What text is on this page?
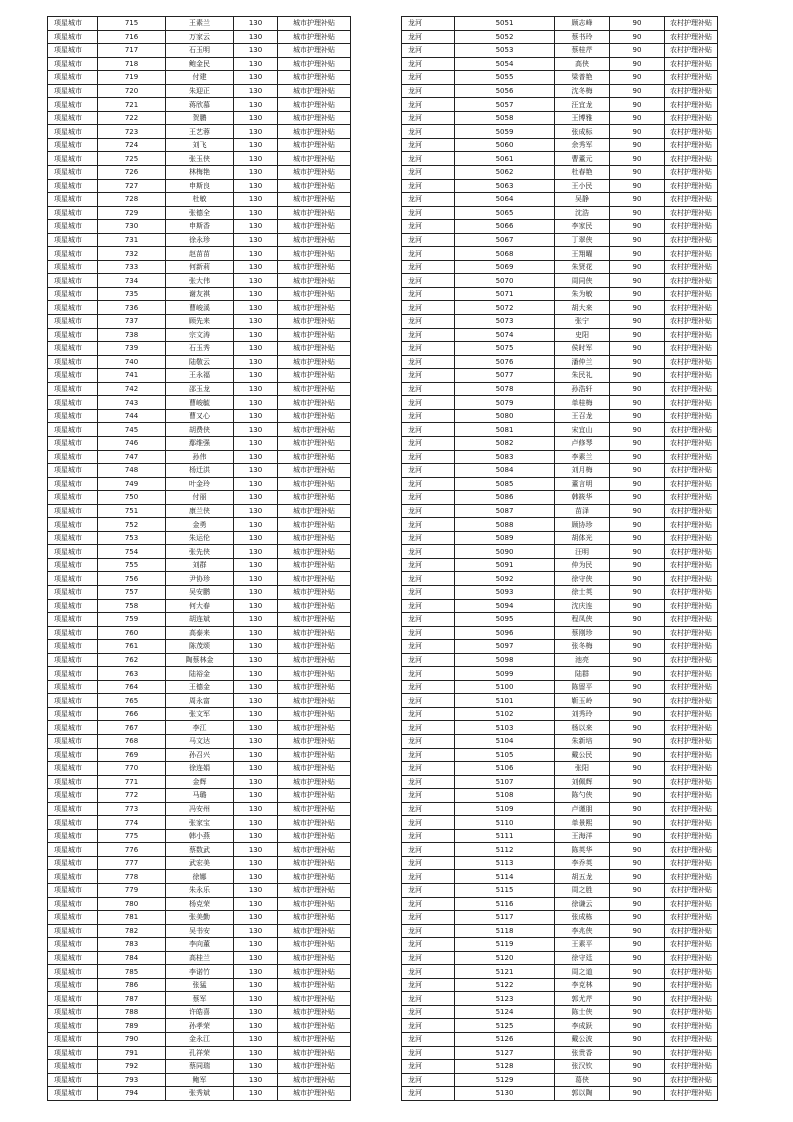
项星城市	715	王素兰	130	城市护理补贴
项星城市	716	万家云	130	城市护理补贴
项星城市	717	石玉明	130	城市护理补贴
项星城市	718	鲍金民	130	城市护理补贴
项星城市	719	付建	130	城市护理补贴
项星城市	720	朱迎正	130	城市护理补贴
项星城市	721	蒋欣慕	130	城市护理补贴
项星城市	722	贺鹏	130	城市护理补贴
项星城市	723	王艺蓉	130	城市护理补贴
项星城市	724	刘飞	130	城市护理补贴
项星城市	725	张玉侠	130	城市护理补贴
项星城市	726	林梅艳	130	城市护理补贴
项星城市	727	申斯良	130	城市护理补贴
项星城市	728	杜敏	130	城市护理补贴
项星城市	729	张德全	130	城市护理补贴
项星城市	730	申斯香	130	城市护理补贴
项星城市	731	徐永珍	130	城市护理补贴
项星城市	732	赵苗苗	130	城市护理补贴
项星城市	733	何新莉	130	城市护理补贴
项星城市	734	张大伟	130	城市护理补贴
项星城市	735	谢友祺	130	城市护理补贴
项星城市	736	曹峻溪	130	城市护理补贴
项星城市	737	顾先来	130	城市护理补贴
项星城市	738	宗文涛	130	城市护理补贴
项星城市	739	石玉秀	130	城市护理补贴
项星城市	740	陆敬云	130	城市护理补贴
项星城市	741	王永福	130	城市护理补贴
项星城市	742	邵玉龙	130	城市护理补贴
项星城市	743	曹峻毓	130	城市护理补贴
项星城市	744	曹又心	130	城市护理补贴
项星城市	745	胡费侠	130	城市护理补贴
项星城市	746	鄢维强	130	城市护理补贴
项星城市	747	孙伟	130	城市护理补贴
项星城市	748	杨迁洪	130	城市护理补贴
项星城市	749	叶金玲	130	城市护理补贴
项星城市	750	付丽	130	城市护理补贴
项星城市	751	康兰侠	130	城市护理补贴
项星城市	752	金勇	130	城市护理补贴
项星城市	753	朱运伦	130	城市护理补贴
项星城市	754	张先侠	130	城市护理补贴
项星城市	755	刘群	130	城市护理补贴
项星城市	756	尹协珍	130	城市护理补贴
项星城市	757	吴安鹏	130	城市护理补贴
项星城市	758	何大春	130	城市护理补贴
项星城市	759	胡连斌	130	城市护理补贴
项星城市	760	高泰来	130	城市护理补贴
项星城市	761	陈茂颂	130	城市护理补贴
项星城市	762	陶蔡林金	130	城市护理补贴
项星城市	763	陆裕金	130	城市护理补贴
项星城市	764	王德金	130	城市护理补贴
项星城市	765	周永富	130	城市护理补贴
项星城市	766	张文军	130	城市护理补贴
项星城市	767	李江	130	城市护理补贴
项星城市	768	马文达	130	城市护理补贴
项星城市	769	孙召兴	130	城市护理补贴
项星城市	770	徐连娟	130	城市护理补贴
项星城市	771	金辉	130	城市护理补贴
项星城市	772	马璐	130	城市护理补贴
项星城市	773	冯安州	130	城市护理补贴
项星城市	774	张家宝	130	城市护理补贴
项星城市	775	韩小燕	130	城市护理补贴
项星城市	776	蔡数武	130	城市护理补贴
项星城市	777	武宏美	130	城市护理补贴
项星城市	778	徐娜	130	城市护理补贴
项星城市	779	朱永乐	130	城市护理补贴
项星城市	780	杨克荣	130	城市护理补贴
项星城市	781	张美勤	130	城市护理补贴
项星城市	782	吴书安	130	城市护理补贴
项星城市	783	李向董	130	城市护理补贴
项星城市	784	高桂兰	130	城市护理补贴
项星城市	785	李诺竹	130	城市护理补贴
项星城市	786	张猛	130	城市护理补贴
项星城市	787	蔡军	130	城市护理补贴
项星城市	788	许皓喜	130	城市护理补贴
项星城市	789	孙孝荣	130	城市护理补贴
项星城市	790	金永江	130	城市护理补贴
项星城市	791	孔祥荣	130	城市护理补贴
项星城市	792	蔡同瑞	130	城市护理补贴
项星城市	793	鲍军	130	城市护理补贴
项星城市	794	张秀斌	130	城市护理补贴
龙河	5051	顾志峰	90	农村护理补贴
龙河	5052	蔡书玲	90	农村护理补贴
龙河	5053	蔡桂芹	90	农村护理补贴
龙河	5054	高侠	90	农村护理补贴
龙河	5055	梁普艳	90	农村护理补贴
龙河	5056	沈冬梅	90	农村护理补贴
龙河	5057	汪宜龙	90	农村护理补贴
龙河	5058	王博雅	90	农村护理补贴
龙河	5059	张成标	90	农村护理补贴
龙河	5060	余秀军	90	农村护理补贴
龙河	5061	曹董元	90	农村护理补贴
龙河	5062	杜春艳	90	农村护理补贴
龙河	5063	王小民	90	农村护理补贴
龙河	5064	吴静	90	农村护理补贴
龙河	5065	沈浩	90	农村护理补贴
龙河	5066	李家民	90	农村护理补贴
龙河	5067	丁翠侠	90	农村护理补贴
龙河	5068	王翔曜	90	农村护理补贴
龙河	5069	朱贤花	90	农村护理补贴
龙河	5070	周同侠	90	农村护理补贴
龙河	5071	朱为敏	90	农村护理补贴
龙河	5072	胡大来	90	农村护理补贴
龙河	5073	张宁	90	农村护理补贴
龙河	5074	史阳	90	农村护理补贴
龙河	5075	侯时军	90	农村护理补贴
龙河	5076	潘仲兰	90	农村护理补贴
龙河	5077	朱民礼	90	农村护理补贴
龙河	5078	孙浩轩	90	农村护理补贴
龙河	5079	单桂梅	90	农村护理补贴
龙河	5080	王召龙	90	农村护理补贴
龙河	5081	宋宜山	90	农村护理补贴
龙河	5082	卢修琴	90	农村护理补贴
龙河	5083	李素兰	90	农村护理补贴
龙河	5084	刘月梅	90	农村护理补贴
龙河	5085	董言明	90	农村护理补贴
龙河	5086	韩筱华	90	农村护理补贴
龙河	5087	苗泽	90	农村护理补贴
龙河	5088	顾协珍	90	农村护理补贴
龙河	5089	胡体光	90	农村护理补贴
龙河	5090	汪明	90	农村护理补贴
龙河	5091	仲为民	90	农村护理补贴
龙河	5092	徐守侠	90	农村护理补贴
龙河	5093	徐士英	90	农村护理补贴
龙河	5094	沈庆连	90	农村护理补贴
龙河	5095	程凤侠	90	农村护理补贴
龙河	5096	蔡刚珍	90	农村护理补贴
龙河	5097	张冬梅	90	农村护理补贴
龙河	5098	池亮	90	农村护理补贴
龙河	5099	陆群	90	农村护理补贴
龙河	5100	陈留平	90	农村护理补贴
龙河	5101	靳玉岭	90	农村护理补贴
龙河	5102	刘秀玲	90	农村护理补贴
龙河	5103	杨以来	90	农村护理补贴
龙河	5104	朱新培	90	农村护理补贴
龙河	5105	戴公民	90	农村护理补贴
龙河	5106	张阳	90	农村护理补贴
龙河	5107	刘佩辉	90	农村护理补贴
龙河	5108	陈勺侠	90	农村护理补贴
龙河	5109	卢谨朋	90	农村护理补贴
龙河	5110	单景熙	90	农村护理补贴
龙河	5111	王海洋	90	农村护理补贴
龙河	5112	陈英华	90	农村护理补贴
龙河	5113	李乔英	90	农村护理补贴
龙河	5114	胡五龙	90	农村护理补贴
龙河	5115	周之胜	90	农村护理补贴
龙河	5116	徐谦云	90	农村护理补贴
龙河	5117	张成栋	90	农村护理补贴
龙河	5118	李兆侠	90	农村护理补贴
龙河	5119	王素平	90	农村护理补贴
龙河	5120	徐守廷	90	农村护理补贴
龙河	5121	周之道	90	农村护理补贴
龙河	5122	李克林	90	农村护理补贴
龙河	5123	郭尤芹	90	农村护理补贴
龙河	5124	陈士侠	90	农村护理补贴
龙河	5125	李成跃	90	农村护理补贴
龙河	5126	戴公波	90	农村护理补贴
龙河	5127	张贵香	90	农村护理补贴
龙河	5128	张汉钦	90	农村护理补贴
龙河	5129	葛侠	90	农村护理补贴
龙河	5130	郭以陶	90	农村护理补贴
